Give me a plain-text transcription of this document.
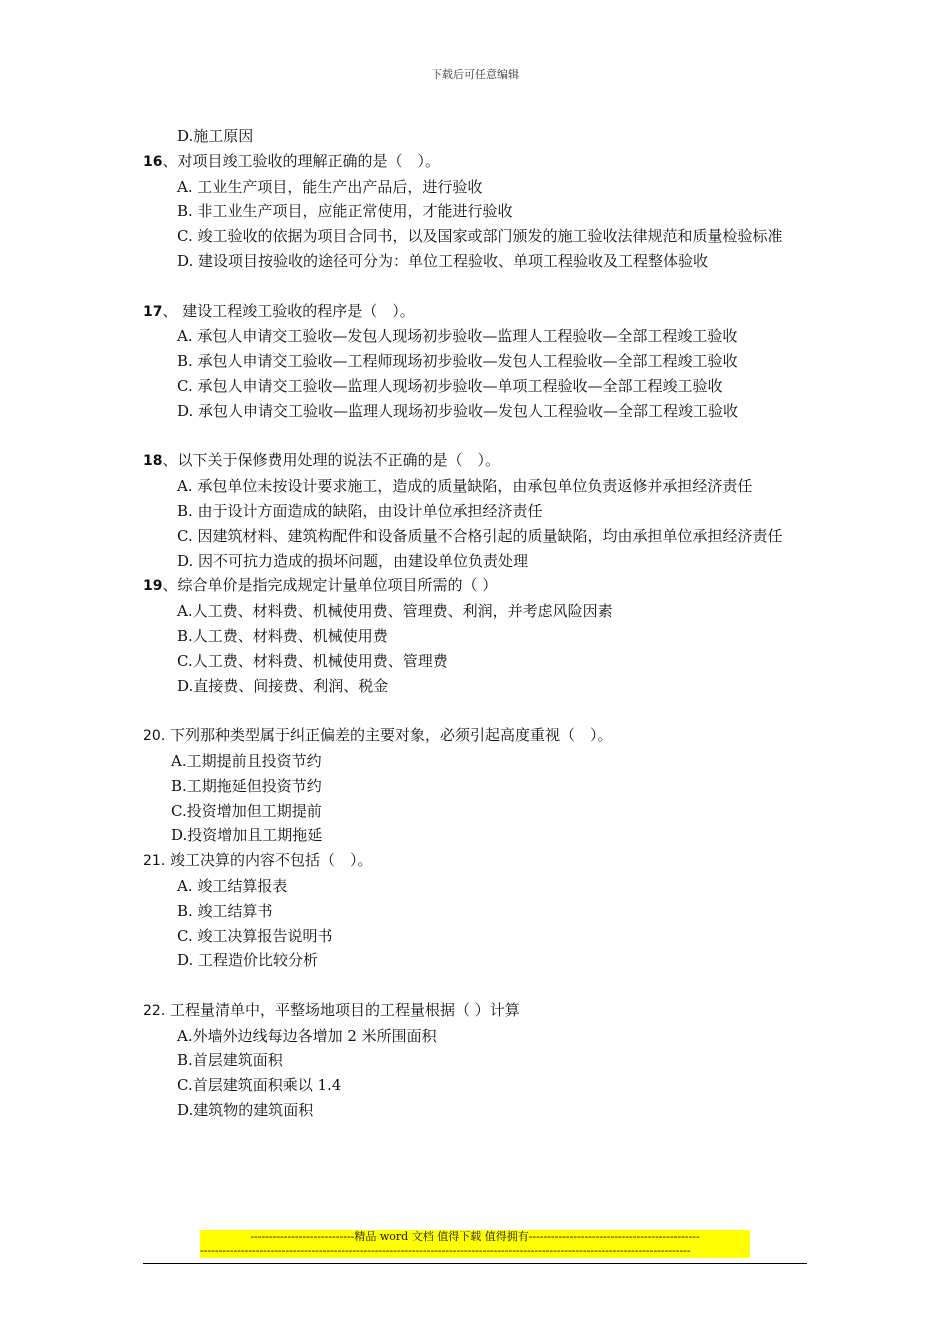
下载后可任意编辑
D.施工原因
16、对项目竣工验收的理解正确的是（　）。
A. 工业生产项目，能生产出产品后，进行验收
B. 非工业生产项目，应能正常使用，才能进行验收
C. 竣工验收的依据为项目合同书，以及国家或部门颁发的施工验收法律规范和质量检验标准
D. 建设项目按验收的途径可分为：单位工程验收、单项工程验收及工程整体验收
17、 建设工程竣工验收的程序是（　）。
A. 承包人申请交工验收—发包人现场初步验收—监理人工程验收—全部工程竣工验收
B. 承包人申请交工验收—工程师现场初步验收—发包人工程验收—全部工程竣工验收
C. 承包人申请交工验收—监理人现场初步验收—单项工程验收—全部工程竣工验收
D. 承包人申请交工验收—监理人现场初步验收—发包人工程验收—全部工程竣工验收
18、以下关于保修费用处理的说法不正确的是（　）。
A. 承包单位未按设计要求施工，造成的质量缺陷，由承包单位负责返修并承担经济责任
B. 由于设计方面造成的缺陷，由设计单位承担经济责任
C. 因建筑材料、建筑构配件和设备质量不合格引起的质量缺陷，均由承担单位承担经济责任
D. 因不可抗力造成的损坏问题，由建设单位负责处理
19、综合单价是指完成规定计量单位项目所需的（ ）
A.人工费、材料费、机械使用费、管理费、利润，并考虑风险因素
B.人工费、材料费、机械使用费
C.人工费、材料费、机械使用费、管理费
D.直接费、间接费、利润、税金
20. 下列那种类型属于纠正偏差的主要对象，必须引起高度重视（　）。
A.工期提前且投资节约
B.工期拖延但投资节约
C.投资增加但工期提前
D.投资增加且工期拖延
21. 竣工决算的内容不包括（　）。
A. 竣工结算报表
B. 竣工结算书
C. 竣工决算报告说明书
D. 工程造价比较分析
22. 工程量清单中，平整场地项目的工程量根据（ ）计算
A.外墙外边线每边各增加 2 米所围面积
B.首层建筑面积
C.首层建筑面积乘以 1.4
D.建筑物的建筑面积
----------------------------精品 word 文档 值得下载 值得拥有----------------------------------------------
------------------------------------------------------------------------------------------------------------------------------------
